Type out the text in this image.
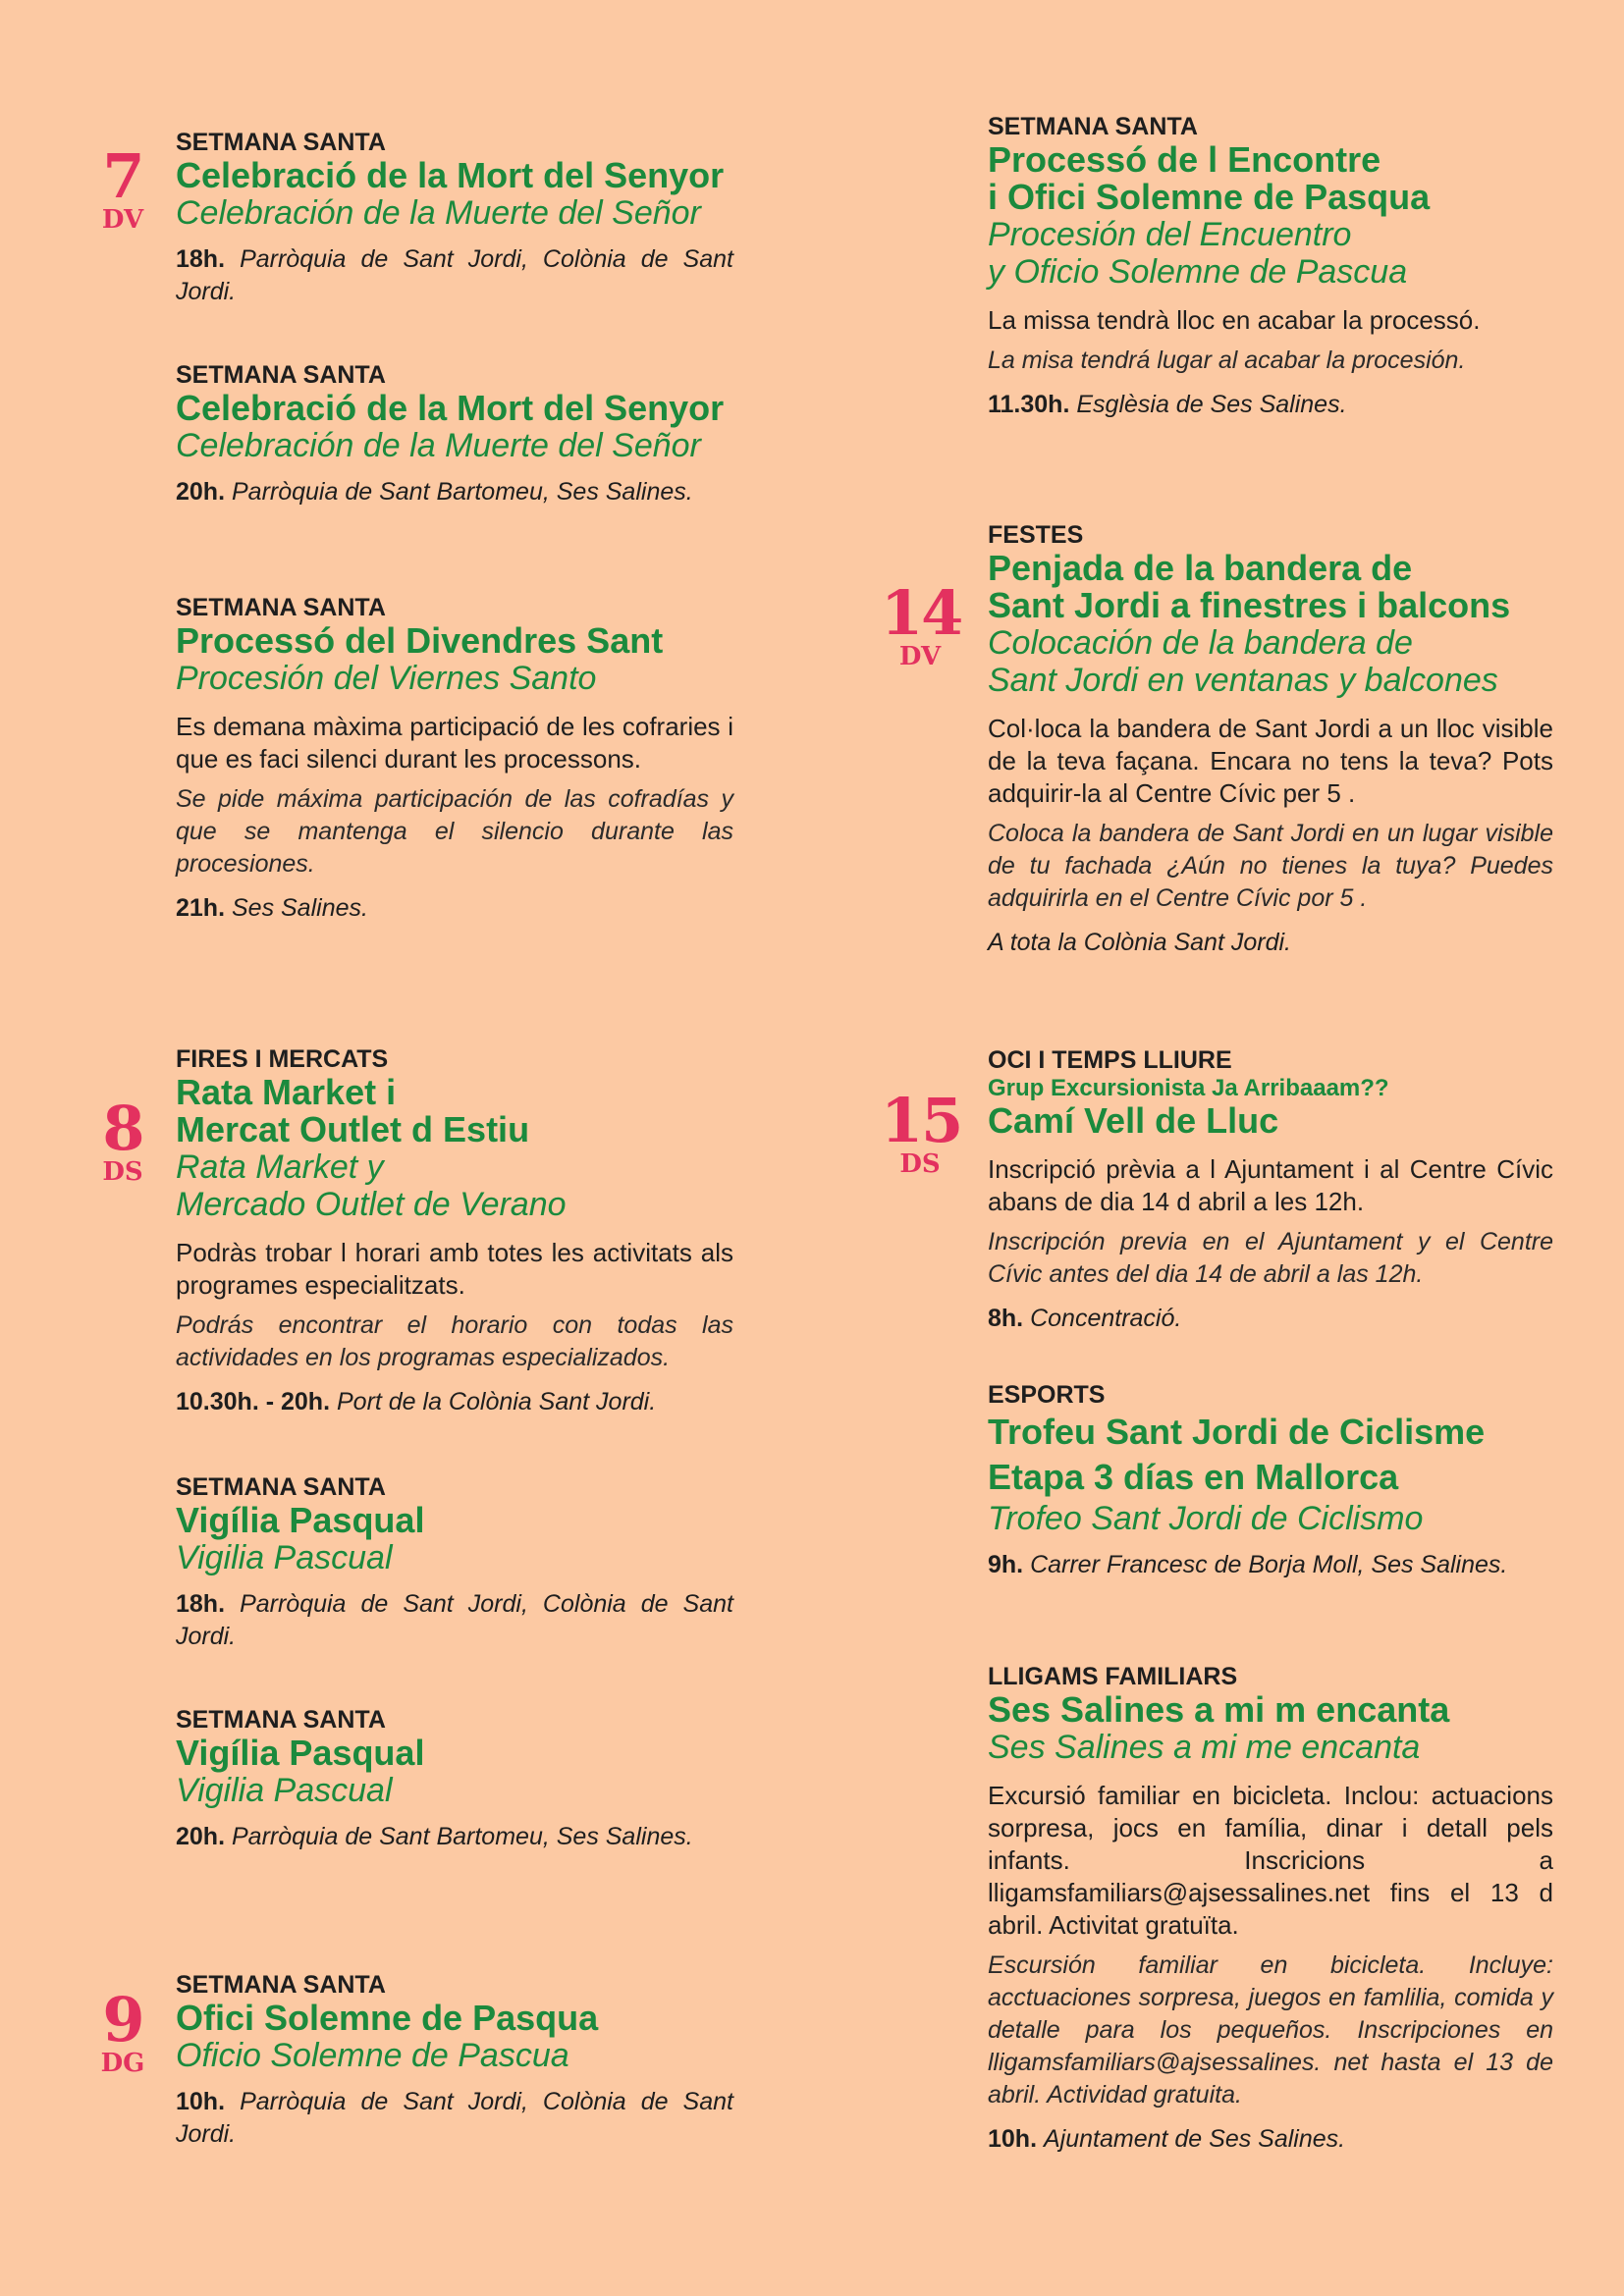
7
DV

SETMANA SANTA

Celebració de la Mort del Senyor

Celebración de la Muerte del Señor

18h. Parròquia de Sant Jordi, Colònia de Sant Jordi.

SETMANA SANTA

Celebració de la Mort del Senyor

Celebración de la Muerte del Señor

20h. Parròquia de Sant Bartomeu, Ses Salines.

SETMANA SANTA

Processó del Divendres Sant

Procesión del Viernes Santo

Es demana màxima participació de les cofraries i que es faci silenci durant les processons.

Se pide máxima participación de las cofradías y que se mantenga el silencio durante las procesiones.

21h. Ses Salines.

8
DS

FIRES I MERCATS

Rata Market i

Mercat Outlet d Estiu

Rata Market y

Mercado Outlet de Verano

Podràs trobar l horari amb totes les activitats als programes especialitzats.

Podrás encontrar el horario con todas las actividades en los programas especializados.

10.30h. - 20h. Port de la Colònia Sant Jordi.

SETMANA SANTA

Vigília Pasqual

Vigilia Pascual

18h. Parròquia de Sant Jordi, Colònia de Sant Jordi.

SETMANA SANTA

Vigília Pasqual

Vigilia Pascual

20h. Parròquia de Sant Bartomeu, Ses Salines.

9
DG

SETMANA SANTA

Ofici Solemne de Pasqua

Oficio Solemne de Pascua

10h. Parròquia de Sant Jordi, Colònia de Sant Jordi.

SETMANA SANTA

Processó de l Encontre

i Ofici Solemne de Pasqua

Procesión del Encuentro

y Oficio Solemne de Pascua

La missa tendrà lloc en acabar la processó.

La misa tendrá lugar al acabar la procesión.

11.30h. Esglèsia de Ses Salines.

14
DV

FESTES

Penjada de la bandera de

Sant Jordi a finestres i balcons

Colocación de la bandera de

Sant Jordi en ventanas y balcones

Col·loca la bandera de Sant Jordi a un lloc visible de la teva façana. Encara no tens la teva? Pots adquirir-la al Centre Cívic per 5 .

Coloca la bandera de Sant Jordi en un lugar visible de tu fachada ¿Aún no tienes la tuya? Puedes adquirirla en el Centre Cívic por 5 .

A tota la Colònia Sant Jordi.

15
DS

OCI I TEMPS LLIURE

Grup Excursionista Ja Arribaaam??

Camí Vell de Lluc

Inscripció prèvia a l Ajuntament i al Centre Cívic abans de dia 14 d abril a les 12h.

Inscripción previa en el Ajuntament y el Centre Cívic antes del dia 14 de abril a las 12h.

8h. Concentració.

ESPORTS

Trofeu Sant Jordi de Ciclisme

Etapa 3 días en Mallorca

Trofeo Sant Jordi de Ciclismo

9h. Carrer Francesc de Borja Moll, Ses Salines.

LLIGAMS FAMILIARS

Ses Salines a mi m encanta

Ses Salines a mi me encanta

Excursió familiar en bicicleta. Inclou: actuacions sorpresa, jocs en família, dinar i detall pels infants. Inscricions a lligamsfamiliars@ajsessalines.net fins el 13 d abril. Activitat gratuïta.

Escursión familiar en bicicleta. Incluye: acctuaciones sorpresa, juegos en famlilia, comida y detalle para los pequeños. Inscripciones en lligamsfamiliars@ajsessalines. net hasta el 13 de abril. Actividad gratuita.

10h. Ajuntament de Ses Salines.
